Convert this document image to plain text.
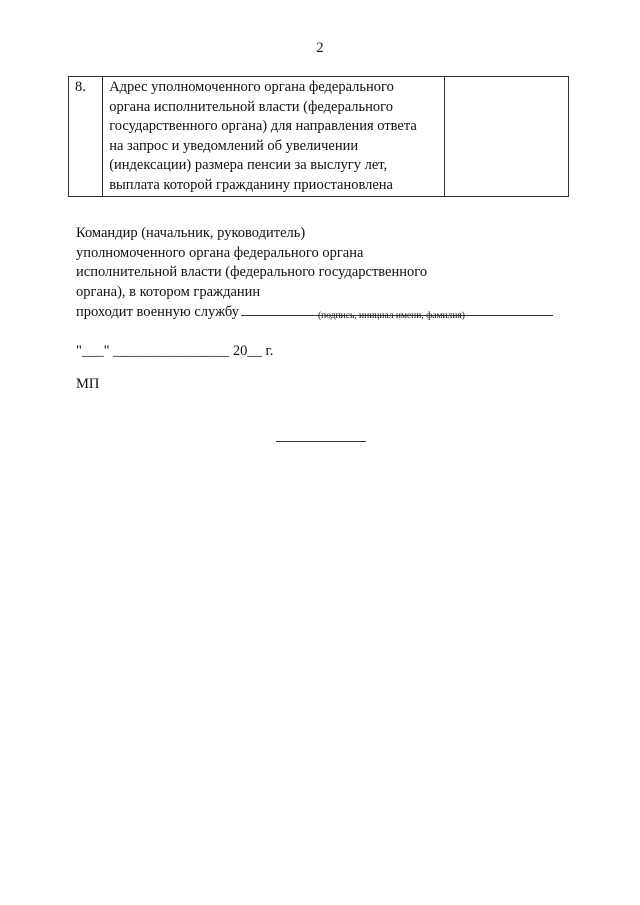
2
8.	Адрес уполномоченного органа федерального
органа исполнительной власти (федерального
государственного органа) для направления ответа
на запрос и уведомлений об увеличении
(индексации) размера пенсии за выслугу лет,
выплата которой гражданину приостановлена

Командир (начальник, руководитель)
уполномоченного органа федерального органа
исполнительной власти (федерального государственного
органа), в котором гражданин
проходит военную службу	(подпись, инициал имени, фамилия)
"___" ________________ 20__ г.
МП
